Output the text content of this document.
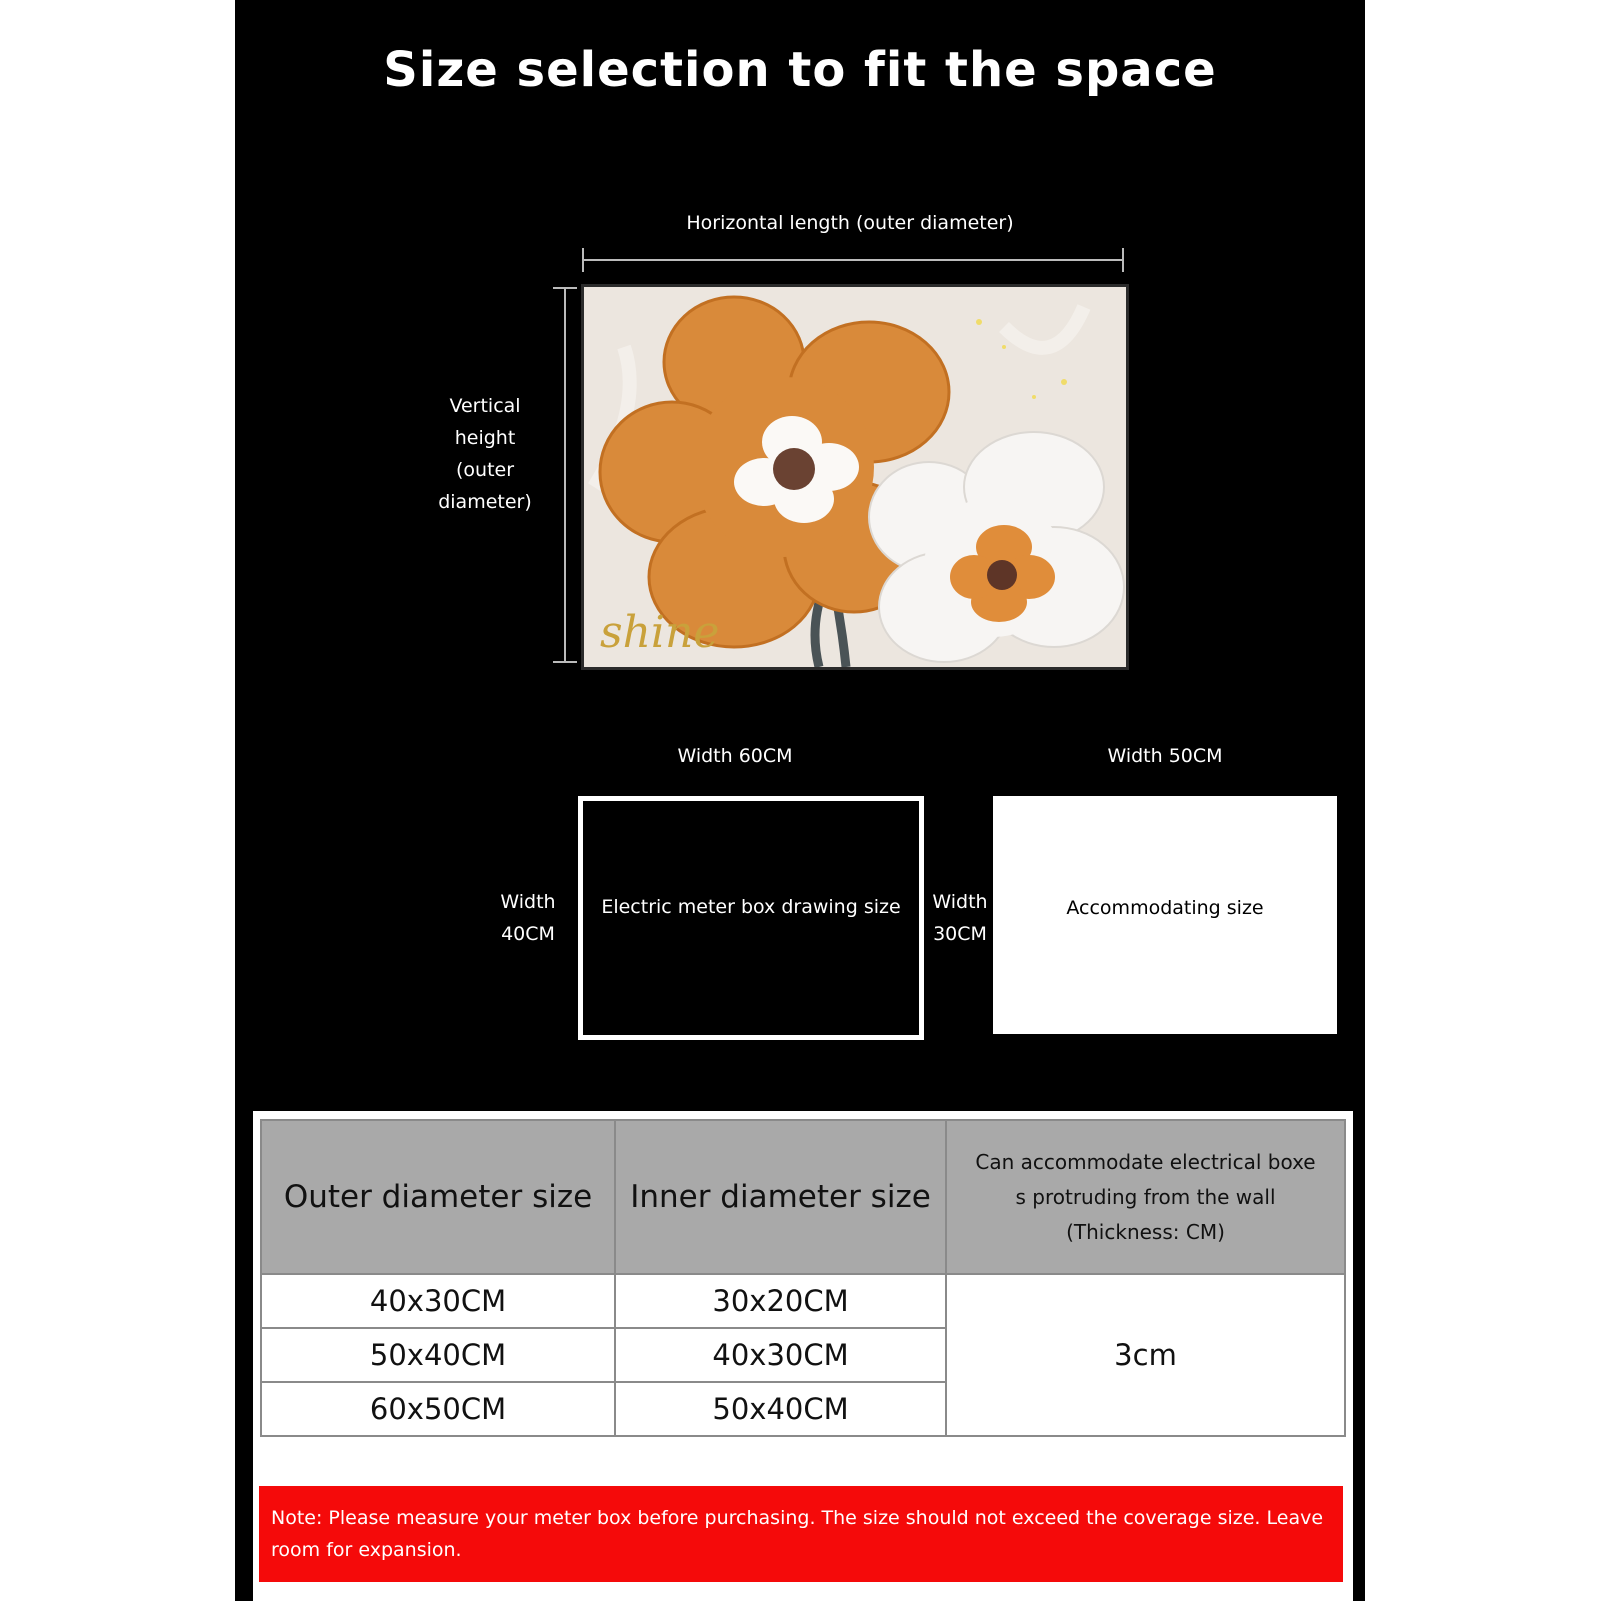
Size selection to fit the space
Horizontal length (outer diameter)
Vertical
height
(outer
diameter)
shine
Width 60CM	Width 50CM
Width
40CM
Width
30CM
Electric meter box drawing size	Accommodating size
Outer diameter size	Inner diameter size	Can accommodate electrical boxe
s protruding from the wall
(Thickness: CM)

40x30CM	30x20CM	3cm
50x40CM	40x30CM	
60x50CM	50x40CM	
Note: Please measure your meter box before purchasing. The size should not exceed the coverage size. Leave room for expansion.
